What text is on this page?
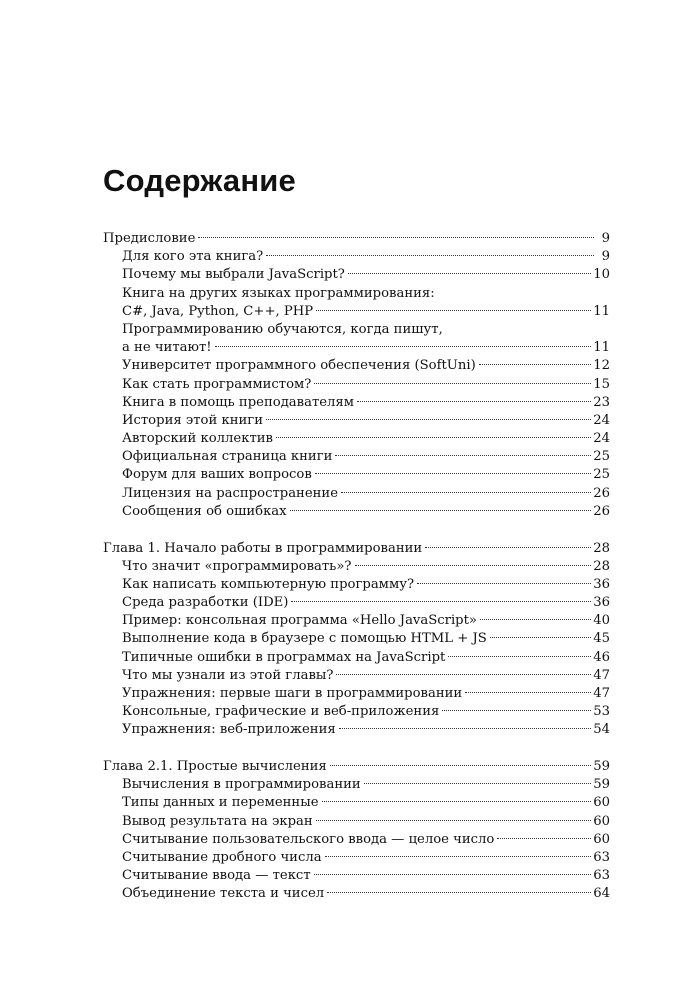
Содержание
Предисловие	9
Для кого эта книга?	9
Почему мы выбрали JavaScript?	10
Книга на других языках программирования:
C#, Java, Python, C++, PHP	11
Программированию обучаются, когда пишут,
а не читают!	11
Университет программного обеспечения (SoftUni)	12
Как стать программистом?	15
Книга в помощь преподавателям	23
История этой книги	24
Авторский коллектив	24
Официальная страница книги	25
Форум для ваших вопросов	25
Лицензия на распространение	26
Сообщения об ошибках	26
Глава 1. Начало работы в программировании	28
Что значит «программировать»?	28
Как написать компьютерную программу?	36
Среда разработки (IDE)	36
Пример: консольная программа «Hello JavaScript»	40
Выполнение кода в браузере с помощью HTML + JS	45
Типичные ошибки в программах на JavaScript	46
Что мы узнали из этой главы?	47
Упражнения: первые шаги в программировании	47
Консольные, графические и веб-приложения	53
Упражнения: веб-приложения	54
Глава 2.1. Простые вычисления	59
Вычисления в программировании	59
Типы данных и переменные	60
Вывод результата на экран	60
Считывание пользовательского ввода — целое число	60
Считывание дробного числа	63
Считывание ввода — текст	63
Объединение текста и чисел	64
